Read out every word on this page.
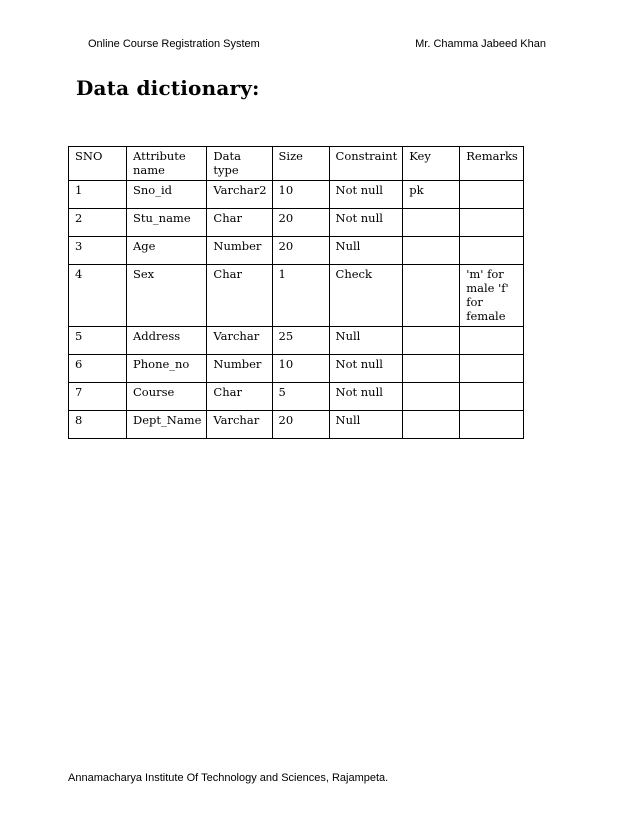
Online Course Registration System	Mr. Chamma Jabeed Khan
Data dictionary:
SNO	Attribute name	Data type	Size	Constraint	Key	Remarks
1	Sno_id	Varchar2	10	Not null	pk	
2	Stu_name	Char	20	Not null		
3	Age	Number	20	Null		
4	Sex	Char	1	Check		'm' for male 'f' for female
5	Address	Varchar	25	Null		
6	Phone_no	Number	10	Not null		
7	Course	Char	5	Not null		
8	Dept_Name	Varchar	20	Null		
Annamacharya Institute Of Technology and Sciences, Rajampeta.
